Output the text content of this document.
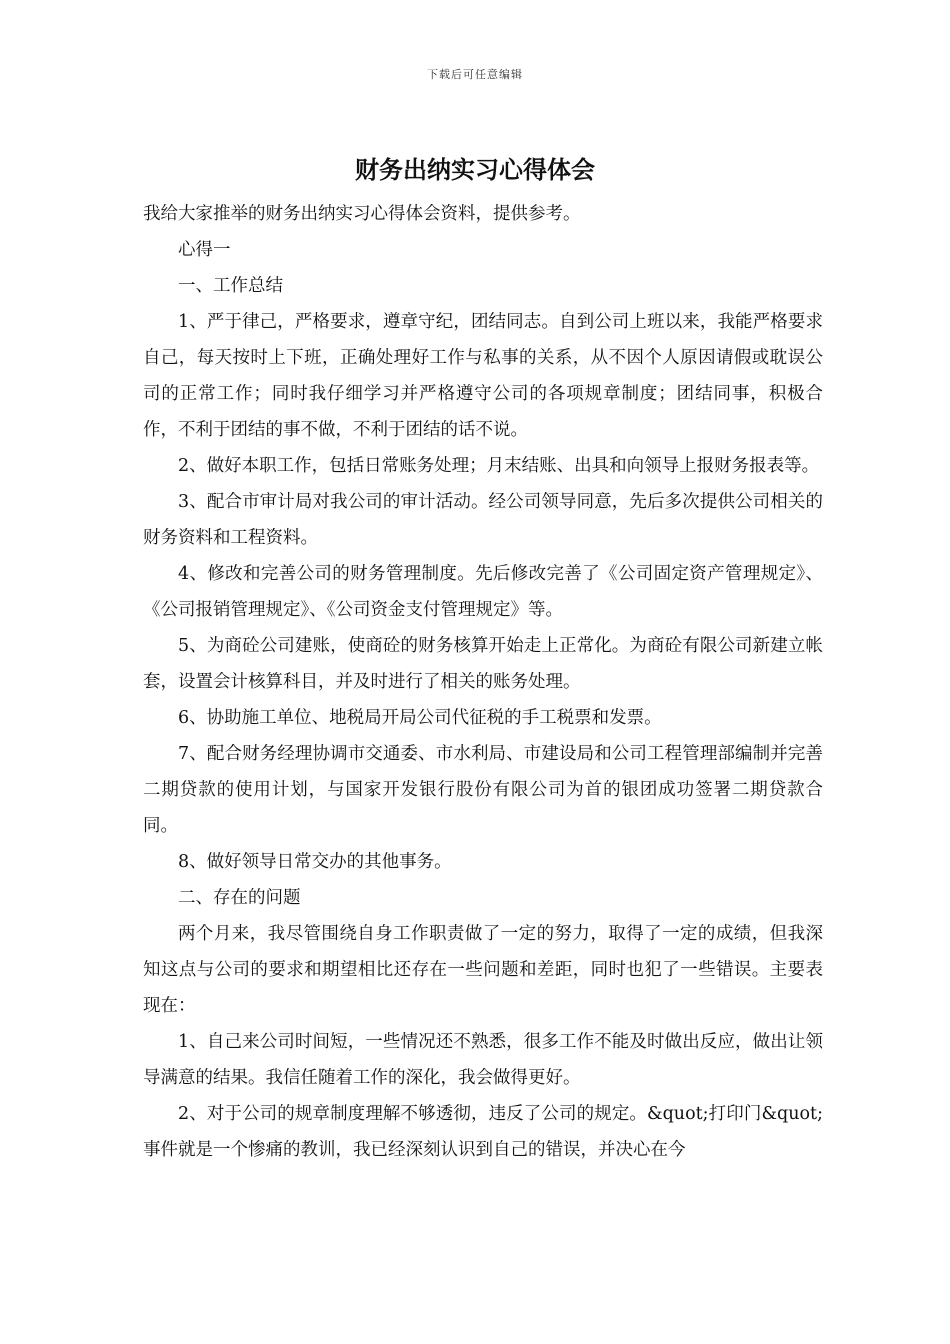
下载后可任意编辑
财务出纳实习心得体会

我给大家推举的财务出纳实习心得体会资料，提供参考。

心得一

一、工作总结

1、严于律己，严格要求，遵章守纪，团结同志。自到公司上班以来，我能严格要求自己，每天按时上下班，正确处理好工作与私事的关系，从不因个人原因请假或耽误公司的正常工作；同时我仔细学习并严格遵守公司的各项规章制度；团结同事，积极合作，不利于团结的事不做，不利于团结的话不说。

2、做好本职工作，包括日常账务处理；月末结账、出具和向领导上报财务报表等。

3、配合市审计局对我公司的审计活动。经公司领导同意，先后多次提供公司相关的财务资料和工程资料。

4、修改和完善公司的财务管理制度。先后修改完善了《公司固定资产管理规定》、《公司报销管理规定》、《公司资金支付管理规定》等。

5、为商砼公司建账，使商砼的财务核算开始走上正常化。为商砼有限公司新建立帐套，设置会计核算科目，并及时进行了相关的账务处理。

6、协助施工单位、地税局开局公司代征税的手工税票和发票。

7、配合财务经理协调市交通委、市水利局、市建设局和公司工程管理部编制并完善二期贷款的使用计划，与国家开发银行股份有限公司为首的银团成功签署二期贷款合同。

8、做好领导日常交办的其他事务。

二、存在的问题

两个月来，我尽管围绕自身工作职责做了一定的努力，取得了一定的成绩，但我深知这点与公司的要求和期望相比还存在一些问题和差距，同时也犯了一些错误。主要表现在：

1、自己来公司时间短，一些情况还不熟悉，很多工作不能及时做出反应，做出让领导满意的结果。我信任随着工作的深化，我会做得更好。

2、对于公司的规章制度理解不够透彻，违反了公司的规定。&quot;打印门&quot;事件就是一个惨痛的教训，我已经深刻认识到自己的错误，并决心在今
